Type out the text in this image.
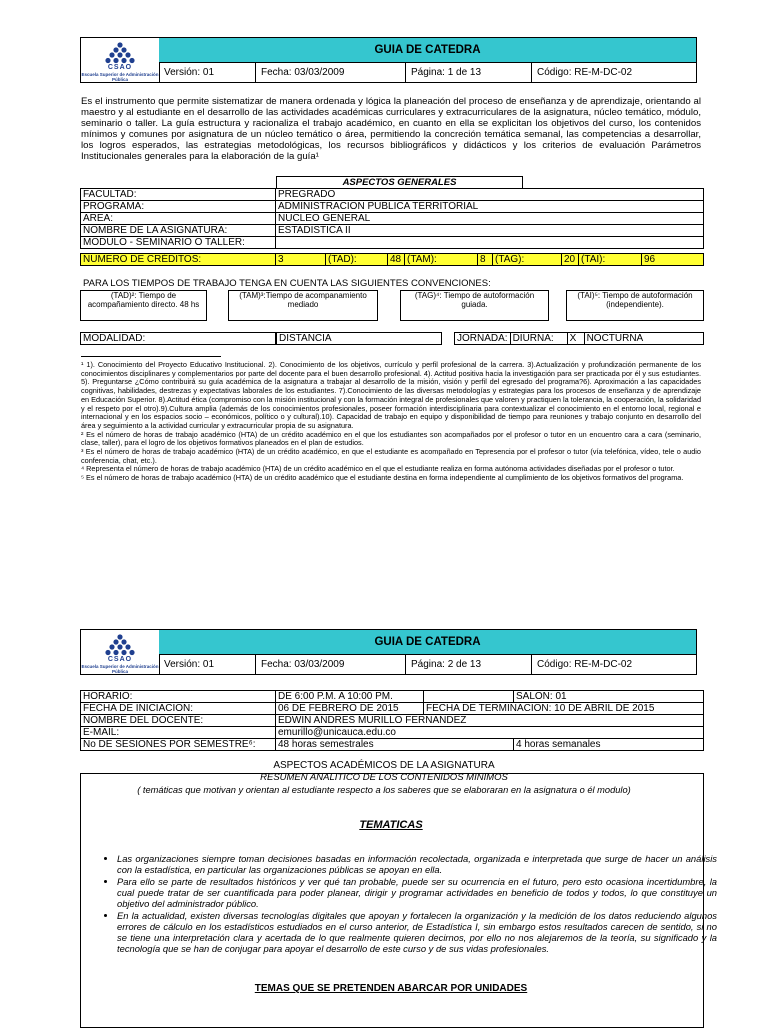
CSAO
Escuela Superior de Administración Pública
GUIA DE CATEDRA
Versión: 01	Fecha: 03/03/2009	Página: 1 de 13	Código: RE-M-DC-02
Es el instrumento que permite sistematizar de manera ordenada y lógica la planeación del proceso de enseñanza y de aprendizaje, orientando al maestro y al estudiante en el desarrollo de las actividades académicas curriculares y extracurriculares de la asignatura, núcleo temático, módulo, seminario o taller. La guía estructura y racionaliza el trabajo académico, en cuanto en ella se explicitan los objetivos del curso, los contenidos mínimos y comunes por asignatura de un núcleo temático o área, permitiendo la concreción temática semanal, las competencias a desarrollar, los logros esperados, las estrategias metodológicas, los recursos bibliográficos y didácticos y los criterios de evaluación Parámetros Institucionales generales para la elaboración de la guía¹
ASPECTOS GENERALES
FACULTAD:	PREGRADO
PROGRAMA:	ADMINISTRACION PUBLICA TERRITORIAL
AREA:	NUCLEO GENERAL
NOMBRE DE LA ASIGNATURA:	ESTADISTICA II
MODULO - SEMINARIO O TALLER:	
NUMERO DE CRÉDITOS:	3	(TAD):	48	(TAM):	8	(TAG):	20	(TAI):	96
PARA LOS TIEMPOS DE TRABAJO TENGA EN CUENTA LAS SIGUIENTES CONVENCIONES:
(TAD)²: Tiempo de acompañamiento directo. 48 hs
(TAM)³:Tiempo de acompanamiento mediado
(TAG)⁴: Tiempo de autoformación guiada.
(TAI)⁵: Tiempo de autoformación (independiente).
MODALIDAD:	DISTANCIA	JORNADA:	DIURNA:	X	NOCTURNA

¹ 1). Conocimiento del Proyecto Educativo Institucional. 2). Conocimiento de los objetivos, currículo y perfil profesional de la carrera. 3).Actualización y profundización permanente de los conocimientos disciplinares y complementarios por parte del docente para el buen desarrollo profesional. 4). Actitud positiva hacia la investigación para ser practicada por él y sus estudiantes. 5). Preguntarse ¿Cómo contribuirá su guía académica de la asignatura a trabajar al desarrollo de la misión, visión y perfil del egresado del programa?6). Aproximación a las capacidades cognitivas, habilidades, destrezas y expectativas laborales de los estudiantes. 7).Conocimiento de las diversas metodologías y estrategias para los procesos de enseñanza y de aprendizaje en Educación Superior. 8).Actitud ética (compromiso con la misión institucional y con la formación integral de profesionales que valoren y practiquen la tolerancia, la cooperación, la solidaridad y el respeto por el otro).9).Cultura amplia (además de los conocimientos profesionales, poseer formación interdisciplinaria para contextualizar el conocimiento en el entorno local, regional e internacional y en los espacios socio – económicos, político o y cultural).10). Capacidad de trabajo en equipo y disponibilidad de tiempo para reuniones y trabajo conjunto en desarrollo del área y seguimiento a la actividad curricular y extracurricular propia de su asignatura.

² Es el número de horas de trabajo académico (HTA) de un crédito académico en el que los estudiantes son acompañados por el profesor o tutor en un encuentro cara a cara (seminario, clase, taller), para el logro de los objetivos formativos planeados en el plan de estudios.

³ Es el número de horas de trabajo académico (HTA) de un crédito académico, en que el estudiante es acompañado en Tepresencia por el profesor o tutor (vía telefónica, vídeo, tele o audio conferencia, chat, etc.).

⁴ Representa el número de horas de trabajo académico (HTA) de un crédito académico en el que el estudiante realiza en forma autónoma actividades diseñadas por el profesor o tutor.

⁵ Es el número de horas de trabajo académico (HTA) de un crédito académico que el estudiante destina en forma independiente al cumplimiento de los objetivos formativos del programa.

CSAO
Escuela Superior de Administración Pública
GUIA DE CATEDRA
Versión: 01	Fecha: 03/03/2009	Página: 2 de 13	Código: RE-M-DC-02
HORARIO:	DE 6:00 P.M. A 10:00 PM.		SALON: 01
FECHA DE INICIACION:	06 DE FEBRERO DE 2015	FECHA DE TERMINACION: 10 DE ABRIL DE 2015	
NOMBRE DEL DOCENTE:	EDWIN ANDRES MURILLO FERNANDEZ		
E-MAIL:	emurillo@unicauca.edu.co		
No DE SESIONES POR SEMESTRE⁶:	48 horas semestrales		4 horas semanales
ASPECTOS ACADÉMICOS DE LA ASIGNATURA
RESUMEN ANALITICO DE LOS CONTENIDOS MINIMOS
( temáticas que motivan y orientan al estudiante respecto a los saberes que se elaboraran en la asignatura o él modulo)
TEMATICAS
• Las organizaciones siempre toman decisiones basadas en información recolectada, organizada e interpretada que surge de hacer un análisis con la estadística, en particular las organizaciones públicas se apoyan en ella.
• Para ello se parte de resultados históricos y ver qué tan probable, puede ser su ocurrencia en el futuro, pero esto ocasiona incertidumbre, la cual puede tratar de ser cuantificada para poder planear, dirigir y programar actividades en beneficio de todos y todos, lo que constituye un objetivo del administrador público.
• En la actualidad, existen diversas tecnologías digitales que apoyan y fortalecen la organización y la medición de los datos reduciendo algunos errores de cálculo en los estadísticos estudiados en el curso anterior, de Estadística I, sin embargo estos resultados carecen de sentido, si no se tiene una interpretación clara y acertada de lo que realmente quieren decirnos, por ello no nos alejaremos de la teoría, su significado y la tecnología que se han de conjugar para apoyar el desarrollo de este curso y de sus vidas profesionales.
TEMAS QUE SE PRETENDEN ABARCAR POR UNIDADES
